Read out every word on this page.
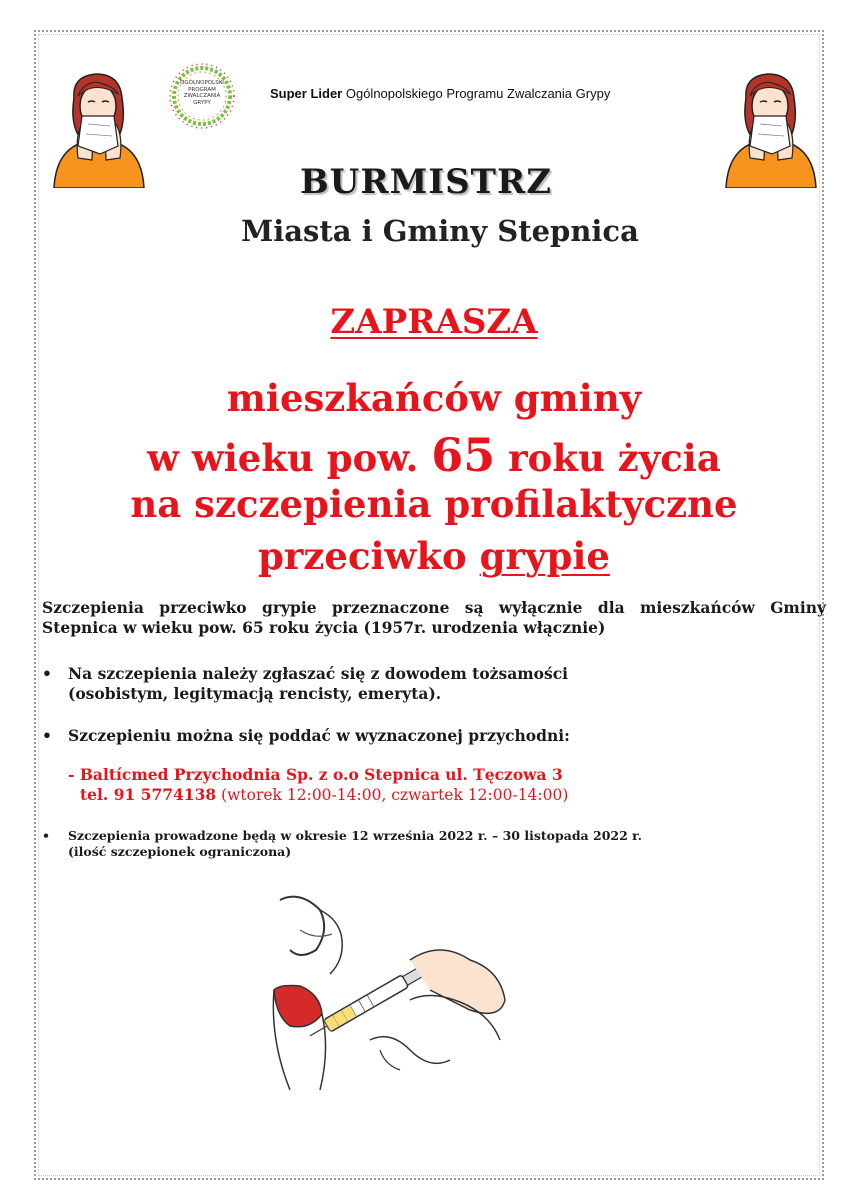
OGÓLNOPOLSKI
PROGRAM
ZWALCZANIA
GRYPY
Super Lider Ogólnopolskiego Programu Zwalczania Grypy
BURMISTRZ
Miasta i Gminy Stepnica
ZAPRASZA
mieszkańców gminy
w wieku pow. 65 roku życia
na szczepienia profilaktyczne
przeciwko grypie
Szczepienia przeciwko grypie przeznaczone są wyłącznie dla mieszkańców Gminy Stepnica w wieku pow. 65 roku życia (1957r. urodzenia włącznie)
• Na szczepienia należy zgłaszać się z dowodem tożsamości
(osobistym, legitymacją rencisty, emeryta).
• Szczepieniu można się poddać w wyznaczonej przychodni:
- Baltícmed Przychodnia Sp. z o.o Stepnica ul. Tęczowa 3
tel. 91 5774138 (wtorek 12:00-14:00, czwartek 12:00-14:00)
• Szczepienia prowadzone będą w okresie 12 września 2022 r. – 30 listopada 2022 r.
(ilość szczepionek ograniczona)
